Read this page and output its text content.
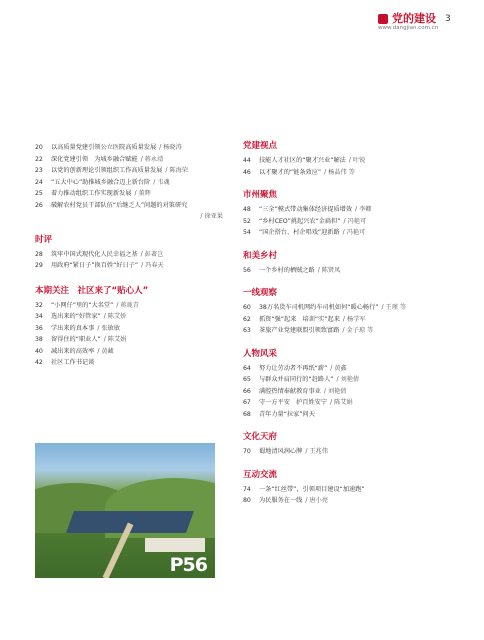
党的建设
www.dangjian.com.cn
3
20 以高质量党建引领公立医院高质量发展 / 杨晓涛
22 深化党建引领　为城乡融合赋能 / 蒋永靖
23 以党的创新理论引领组织工作高质量发展 / 陈海荣
24 “五大中心”助推城乡融合迈上新台阶 / 韦魂
25 着力推动组织工作实现新发展 / 董辉
26 破解农村党员干部队伍“后继乏人”问题的对策研究
/ 徐亚果
时评
28 筑牢中国式现代化人民幸福之基 / 彭著岂
29 用政府“紧日子”换百姓“好日子” / 冯春天
本期关注　社区来了“贴心人”
32 “小网仔”里的“大名堂” / 蒋珑青
34 选出来的“好管家” / 陈艾娇
36 学出来的真本事 / 张敏敏
38 留得住的“职业人” / 陈艾娟
40 减出来的高效率 / 黄藏
42 社区工作书记谈
P56
党建视点
44 技能人才社区的“聚才兴业”解法 / 叶锐
46 以才聚才的“链条效应” / 杨晶伟 等
市州聚焦
48 “三全”模式带动集体经济提质增效 / 李卿
52 “乡村CEO”挑起兴农“金扁担” / 冯艳可
54 “国企搭台、村企唱戏”迎新路 / 冯艳可
和美乡村
56 一个乡村的栖贼之路 / 陈贤凤
一线观察
60 38万名货车司机网约车司机如何“暖心畅行” / 王瑾 等
62 抓资“强”起来　培训“实”起来 / 杨学军
63 茶旅产业党建联盟引领致富路 / 金子琼 等
人物风采
64 努力让劳动者不再纸“薪” / 黄鑫
65 与群众并肩同行的“赶路人” / 刘艳倩
66 满腔热情奉献教育事业 / 刘艳倩
67 守一方平安　护百姓安宁 / 陈艾娟
68 青年力量“拉家”问天
文化天府
70 蜀地清风润心脾 / 王兆伟
互动交流
74 一条“红丝带”，引领项目建设“加速跑”
80 为民服务在一线 / 唐小亮
